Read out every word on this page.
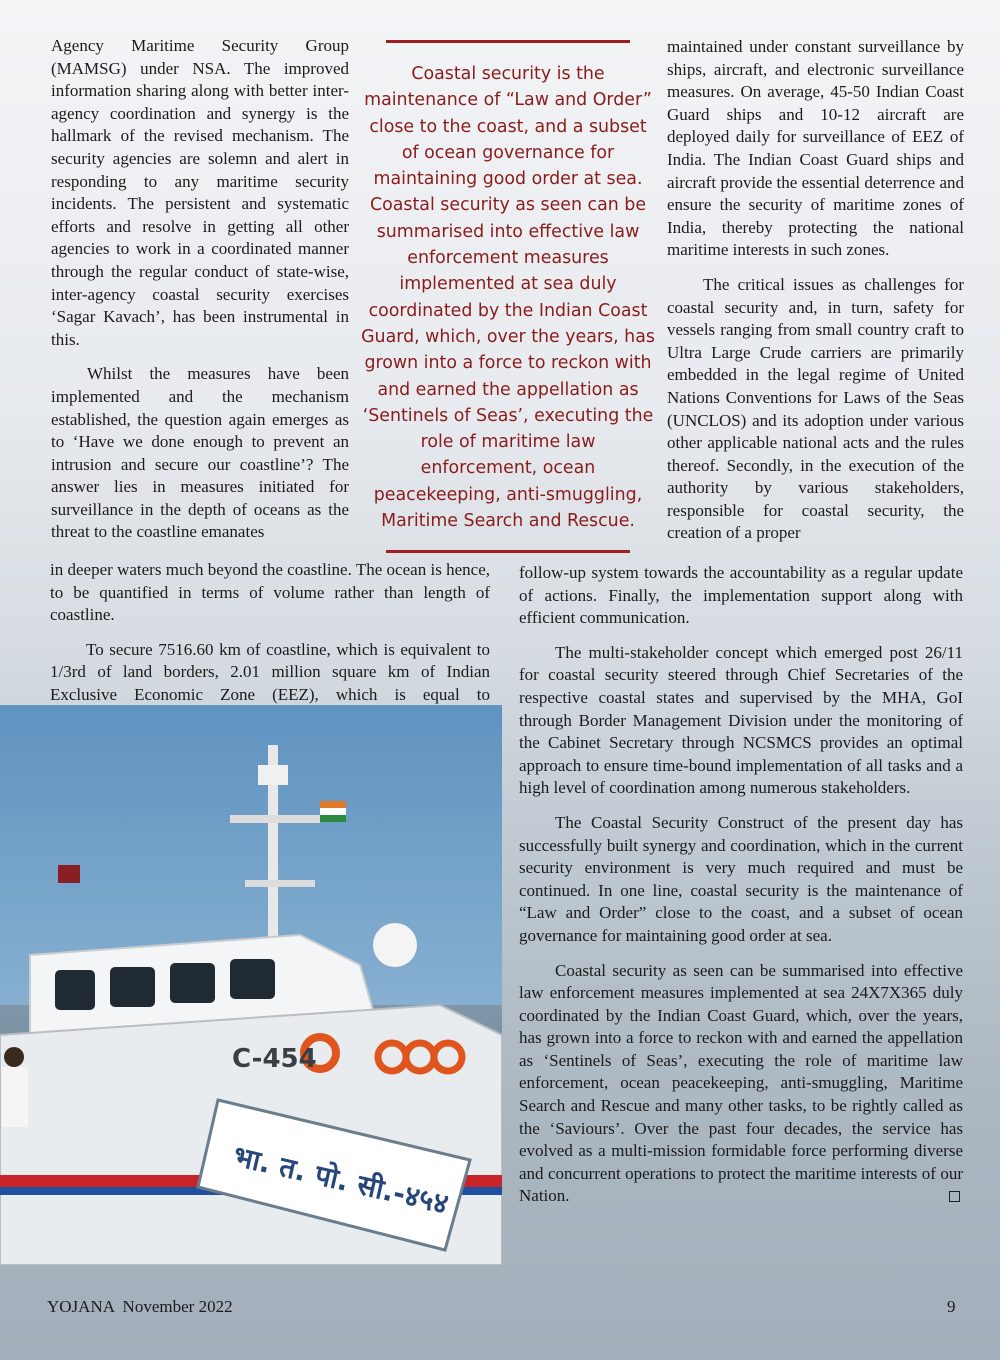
Agency Maritime Security Group (MAMSG) under NSA. The improved information sharing along with better inter-agency coordination and synergy is the hallmark of the revised mechanism. The security agencies are solemn and alert in responding to any maritime security incidents. The persistent and systematic efforts and resolve in getting all other agencies to work in a coordinated manner through the regular conduct of state-wise, inter-agency coastal security exercises ‘Sagar Kavach’, has been instrumental in this.

Whilst the measures have been implemented and the mechanism established, the question again emerges as to ‘Have we done enough to prevent an intrusion and secure our coastline’? The answer lies in measures initiated for surveillance in the depth of oceans as the threat to the coastline emanates

Coastal security is the maintenance of “Law and Order” close to the coast, and a subset of ocean governance for maintaining good order at sea. Coastal security as seen can be summarised into effective law enforcement measures implemented at sea duly coordinated by the Indian Coast Guard, which, over the years, has grown into a force to reckon with and earned the appellation as ‘Sentinels of Seas’, executing the role of maritime law enforcement, ocean peacekeeping, anti-smuggling, Maritime Search and Rescue.

maintained under constant surveillance by ships, aircraft, and electronic surveillance measures. On average, 45-50 Indian Coast Guard ships and 10-12 aircraft are deployed daily for surveillance of EEZ of India. The Indian Coast Guard ships and aircraft provide the essential deterrence and ensure the security of maritime zones of India, thereby protecting the national maritime interests in such zones.

The critical issues as challenges for coastal security and, in turn, safety for vessels ranging from small country craft to Ultra Large Crude carriers are primarily embedded in the legal regime of United Nations Conventions for Laws of the Seas (UNCLOS) and its adoption under various other applicable national acts and the rules thereof. Secondly, in the execution of the authority by various stakeholders, responsible for coastal security, the creation of a proper

in deeper waters much beyond the coastline. The ocean is hence, to be quantified in terms of volume rather than length of coastline.

To secure 7516.60 km of coastline, which is equivalent to 1/3rd of land borders, 2.01 million square km of Indian Exclusive Economic Zone (EEZ), which is equal to

follow-up system towards the accountability as a regular update of actions. Finally, the implementation support along with efficient communication.

The multi-stakeholder concept which emerged post 26/11 for coastal security steered through Chief Secretaries of the respective coastal states and supervised by the MHA, GoI through Border Management Division under the monitoring of the Cabinet Secretary through NCSMCS provides an optimal approach to ensure time-bound implementation of all tasks and a high level of coordination among numerous stakeholders.

The Coastal Security Construct of the present day has successfully built synergy and coordination, which in the current security environment is very much required and must be continued. In one line, coastal security is the maintenance of “Law and Order” close to the coast, and a subset of ocean governance for maintaining good order at sea.

Coastal security as seen can be summarised into effective law enforcement measures implemented at sea 24X7X365 duly coordinated by the Indian Coast Guard, which, over the years, has grown into a force to reckon with and earned the appellation as ‘Sentinels of Seas’, executing the role of maritime law enforcement, ocean peacekeeping, anti-smuggling, Maritime Search and Rescue and many other tasks, to be rightly called as the ‘Saviours’. Over the past four decades, the service has evolved as a multi-mission formidable force performing diverse and concurrent operations to protect the maritime interests of our Nation.

C-454
भा. त. पो. सी.-४५४
YOJANA  November 2022	9
